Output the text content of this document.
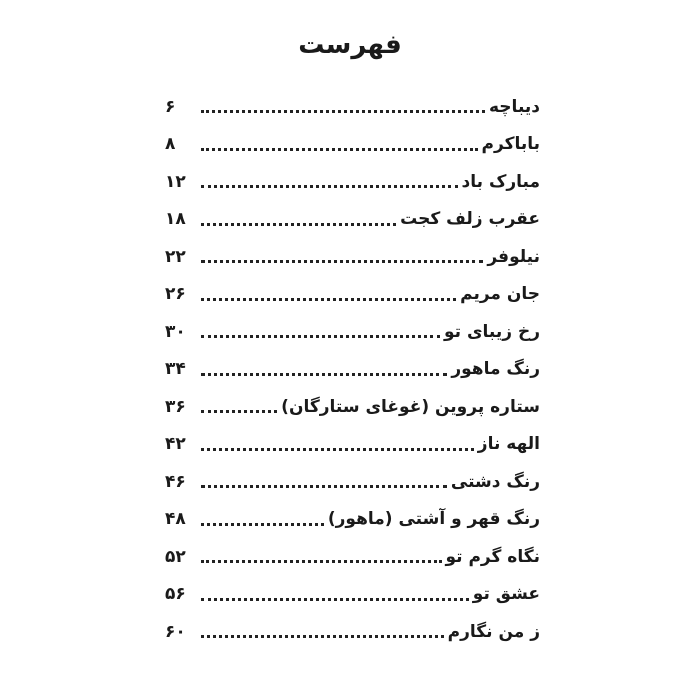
فهرست
۶	دیباچه
۸	باباکرم
۱۲	مبارک باد
۱۸	عقرب زلف کجت
۲۲	نیلوفر
۲۶	جان مریم
۳۰	رخ زیبای تو
۳۴	رنگ ماهور
۳۶	ستاره پروین (غوغای ستارگان)
۴۲	الهه ناز
۴۶	رنگ دشتی
۴۸	رنگ قهر و آشتی (ماهور)
۵۲	نگاه گرم تو
۵۶	عشق تو
۶۰	ز من نگارم
